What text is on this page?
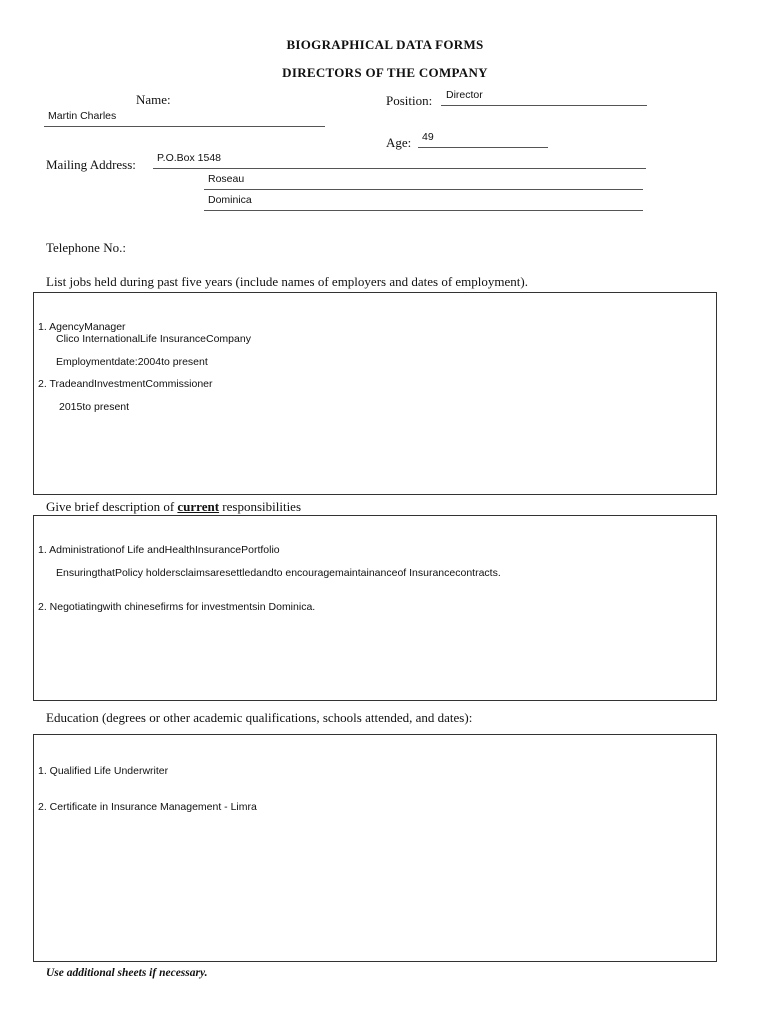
BIOGRAPHICAL DATA FORMS
DIRECTORS OF THE COMPANY
Name:
Martin Charles
Position: Director
Age: 49
Mailing Address: P.O.Box 1548
Roseau
Dominica
Telephone No.:
List jobs held during past five years (include names of employers and dates of employment).
1. AgencyManager
Clico InternationalLife InsuranceCompany
Employmentdate:2004to present
2. TradeandInvestmentCommissioner
2015to present
Give brief description of current responsibilities
1. Administrationof Life andHealthInsurancePortfolio
EnsuringthatPolicy holdersclaimsaresettledandto encouragemaintainanceof Insurancecontracts.
2. Negotiatingwith chinesefirms for investmentsin Dominica.
Education (degrees or other academic qualifications, schools attended, and dates):
1. Qualified Life Underwriter
2. Certificate in Insurance Management - Limra
Use additional sheets if necessary.
